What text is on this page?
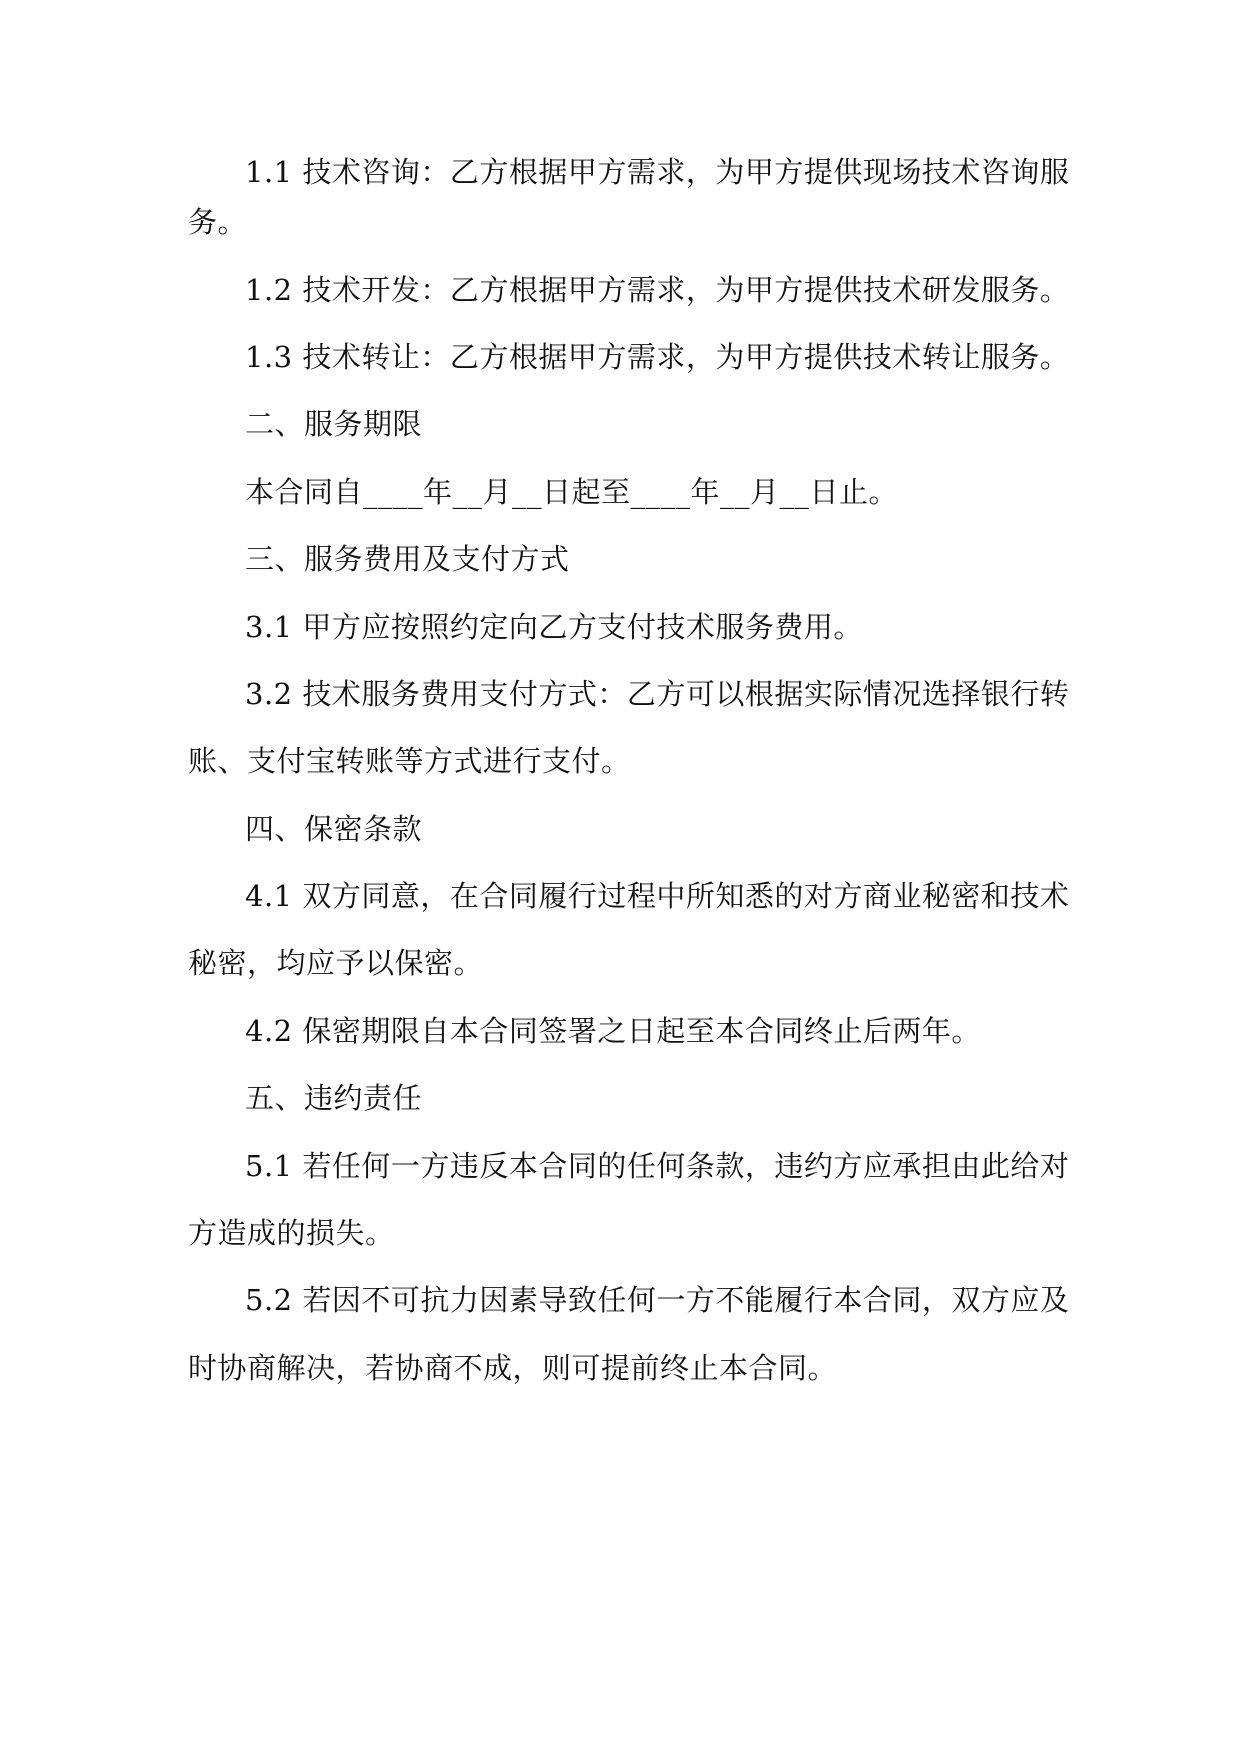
1.1 技术咨询：乙方根据甲方需求，为甲方提供现场技术咨询服
务。
1.2 技术开发：乙方根据甲方需求，为甲方提供技术研发服务。
1.3 技术转让：乙方根据甲方需求，为甲方提供技术转让服务。
二、服务期限
本合同自____年__月__日起至____年__月__日止。
三、服务费用及支付方式
3.1 甲方应按照约定向乙方支付技术服务费用。
3.2 技术服务费用支付方式：乙方可以根据实际情况选择银行转
账、支付宝转账等方式进行支付。
四、保密条款
4.1 双方同意，在合同履行过程中所知悉的对方商业秘密和技术
秘密，均应予以保密。
4.2 保密期限自本合同签署之日起至本合同终止后两年。
五、违约责任
5.1 若任何一方违反本合同的任何条款，违约方应承担由此给对
方造成的损失。
5.2 若因不可抗力因素导致任何一方不能履行本合同，双方应及
时协商解决，若协商不成，则可提前终止本合同。
